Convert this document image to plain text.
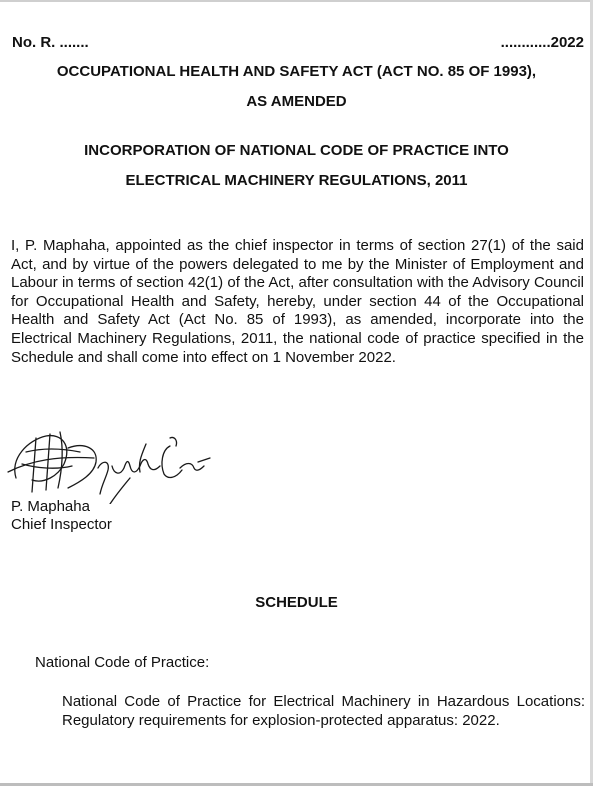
No. R. .......	............2022
OCCUPATIONAL HEALTH AND SAFETY ACT (ACT NO. 85 OF 1993),
AS AMENDED
INCORPORATION OF NATIONAL CODE OF PRACTICE INTO
ELECTRICAL MACHINERY REGULATIONS, 2011
I, P. Maphaha, appointed as the chief inspector in terms of section 27(1) of the said Act, and by virtue of the powers delegated to me by the Minister of Employment and Labour in terms of section 42(1) of the Act, after consultation with the Advisory Council for Occupational Health and Safety, hereby, under section 44 of the Occupational Health and Safety Act (Act No. 85 of 1993), as amended, incorporate into the Electrical Machinery Regulations, 2011, the national code of practice specified in the Schedule and shall come into effect on 1 November 2022.
P. Maphaha
Chief Inspector
SCHEDULE
National Code of Practice:
National Code of Practice for Electrical Machinery in Hazardous Locations: Regulatory requirements for explosion-protected apparatus: 2022.
